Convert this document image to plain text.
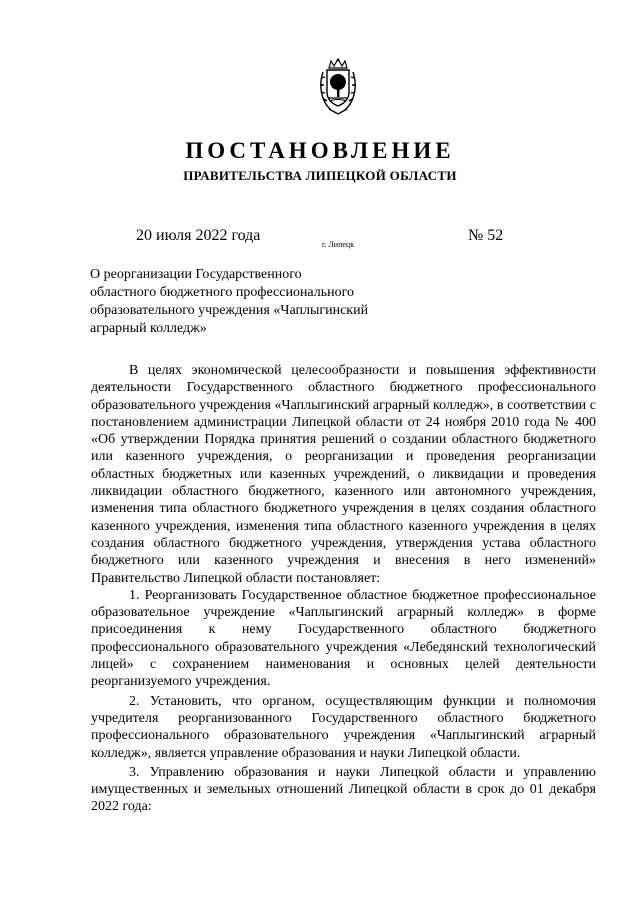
ПОСТАНОВЛЕНИЕ
ПРАВИТЕЛЬСТВА ЛИПЕЦКОЙ ОБЛАСТИ
20 июля 2022 года
г. Липецк
№ 52
О реорганизации Государственного
областного бюджетного профессионального
образовательного учреждения «Чаплыгинский
аграрный колледж»

В целях экономической целесообразности и повышения эффективности деятельности Государственного областного бюджетного профессионального образовательного учреждения «Чаплыгинский аграрный колледж», в соответствии с постановлением администрации Липецкой области от 24 ноября 2010 года № 400 «Об утверждении Порядка принятия решений о создании областного бюджетного или казенного учреждения, о реорганизации и проведения реорганизации областных бюджетных или казенных учреждений, о ликвидации и проведения ликвидации областного бюджетного, казенного или автономного учреждения, изменения типа областного бюджетного учреждения в целях создания областного казенного учреждения, изменения типа областного казенного учреждения в целях создания областного бюджетного учреждения, утверждения устава областного бюджетного или казенного учреждения и внесения в него изменений» Правительство Липецкой области постановляет:

1. Реорганизовать Государственное областное бюджетное профессиональное образовательное учреждение «Чаплыгинский аграрный колледж» в форме присоединения к нему Государственного областного бюджетного профессионального образовательного учреждения «Лебедянский технологический лицей» с сохранением наименования и основных целей деятельности реорганизуемого учреждения.

2. Установить, что органом, осуществляющим функции и полномочия учредителя реорганизованного Государственного областного бюджетного профессионального образовательного учреждения «Чаплыгинский аграрный колледж», является управление образования и науки Липецкой области.

3. Управлению образования и науки Липецкой области и управлению имущественных и земельных отношений Липецкой области в срок до 01 декабря 2022 года:
